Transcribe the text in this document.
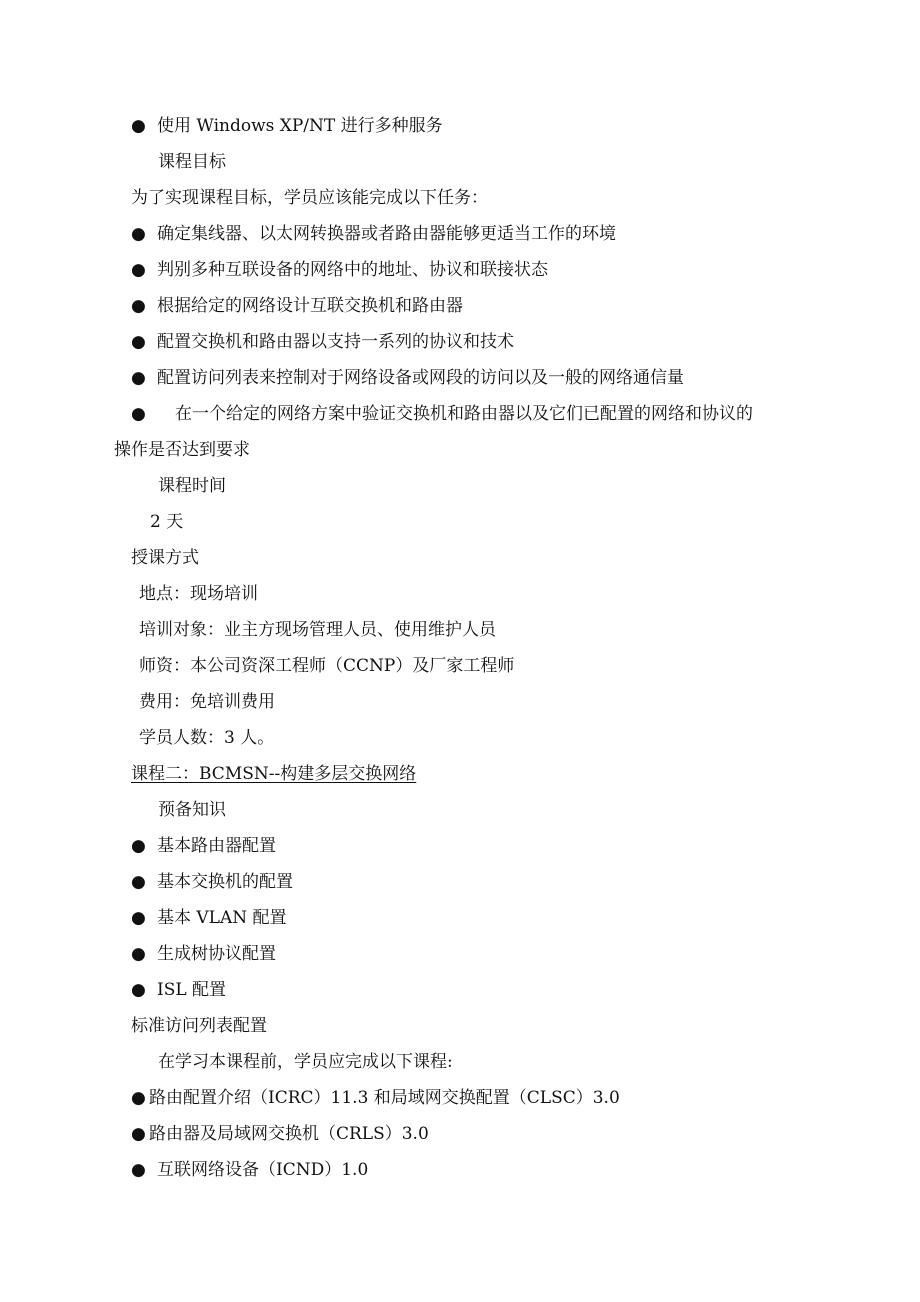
● 使用 Windows XP/NT 进行多种服务
课程目标
为了实现课程目标，学员应该能完成以下任务：
● 确定集线器、以太网转换器或者路由器能够更适当工作的环境
● 判别多种互联设备的网络中的地址、协议和联接状态
● 根据给定的网络设计互联交换机和路由器
● 配置交换机和路由器以支持一系列的协议和技术
● 配置访问列表来控制对于网络设备或网段的访问以及一般的网络通信量
● 在一个给定的网络方案中验证交换机和路由器以及它们已配置的网络和协议的
操作是否达到要求
课程时间
2 天
授课方式
地点：现场培训
培训对象：业主方现场管理人员、使用维护人员
师资：本公司资深工程师（CCNP）及厂家工程师
费用：免培训费用
学员人数：3 人。
课程二：BCMSN--构建多层交换网络
预备知识
● 基本路由器配置
● 基本交换机的配置
● 基本 VLAN 配置
● 生成树协议配置
● ISL 配置
标准访问列表配置
在学习本课程前，学员应完成以下课程:
● 路由配置介绍（ICRC）11.3 和局域网交换配置（CLSC）3.0
● 路由器及局域网交换机（CRLS）3.0
● 互联网络设备（ICND）1.0
